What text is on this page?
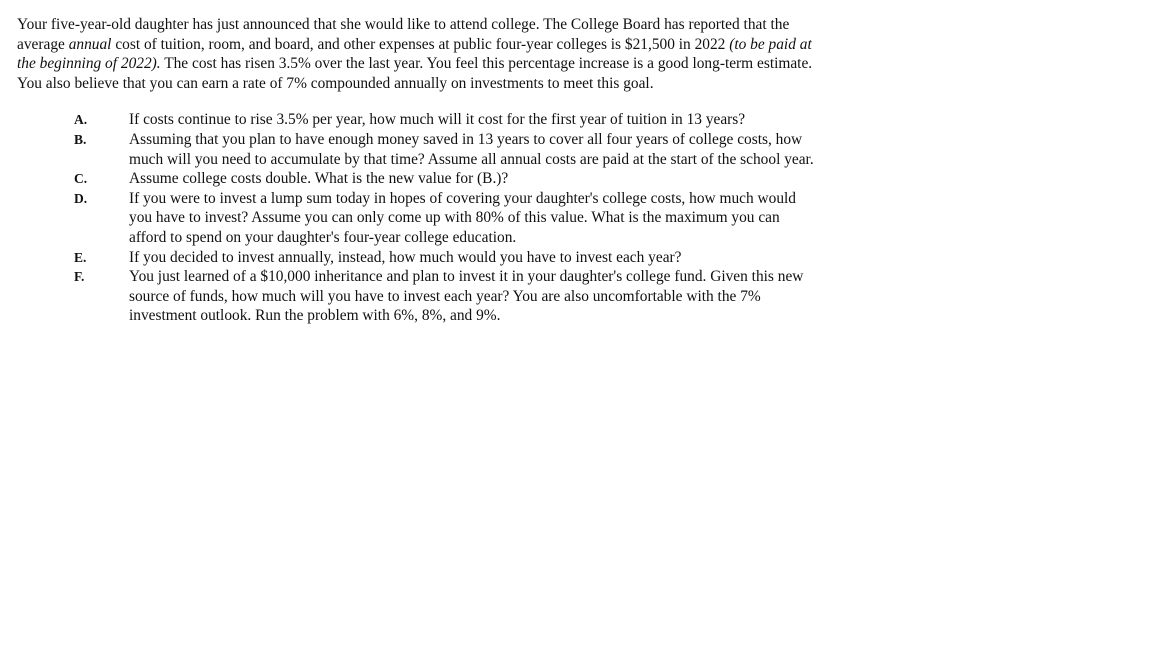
Your five-year-old daughter has just announced that she would like to attend college. The College Board has reported that the average annual cost of tuition, room, and board, and other expenses at public four-year colleges is $21,500 in 2022 (to be paid at the beginning of 2022). The cost has risen 3.5% over the last year. You feel this percentage increase is a good long-term estimate. You also believe that you can earn a rate of 7% compounded annually on investments to meet this goal.

A.	If costs continue to rise 3.5% per year, how much will it cost for the first year of tuition in 13 years?
B.	Assuming that you plan to have enough money saved in 13 years to cover all four years of college costs, how much will you need to accumulate by that time? Assume all annual costs are paid at the start of the school year.
C.	Assume college costs double. What is the new value for (B.)?
D.	If you were to invest a lump sum today in hopes of covering your daughter's college costs, how much would you have to invest? Assume you can only come up with 80% of this value. What is the maximum you can afford to spend on your daughter's four-year college education.
E.	If you decided to invest annually, instead, how much would you have to invest each year?
F.	You just learned of a $10,000 inheritance and plan to invest it in your daughter's college fund. Given this new source of funds, how much will you have to invest each year? You are also uncomfortable with the 7% investment outlook. Run the problem with 6%, 8%, and 9%.
